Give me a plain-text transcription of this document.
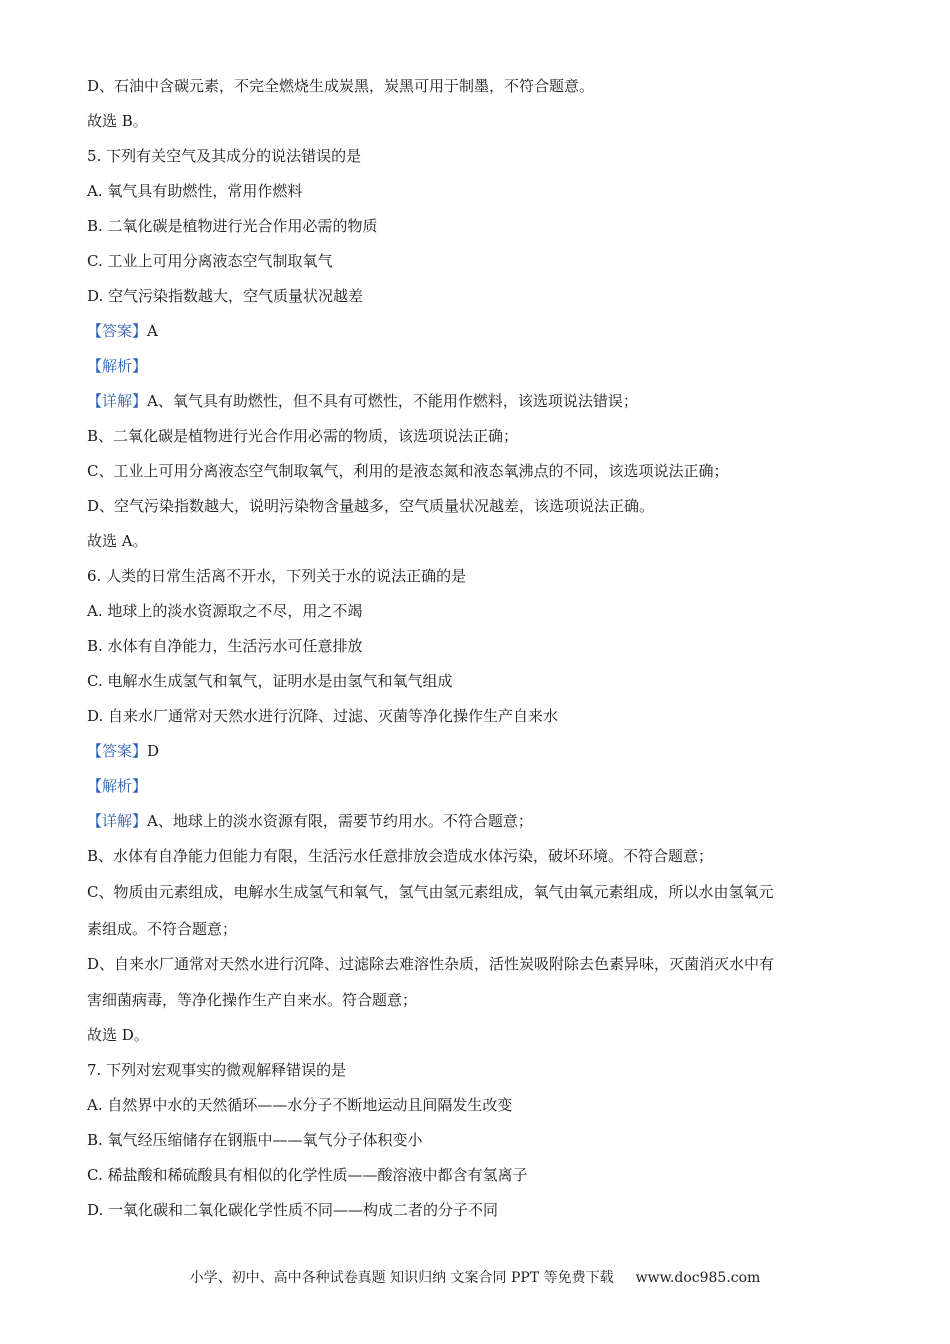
D、石油中含碳元素，不完全燃烧生成炭黑，炭黑可用于制墨，不符合题意。
故选 B。
5. 下列有关空气及其成分的说法错误的是
A. 氧气具有助燃性，常用作燃料
B. 二氧化碳是植物进行光合作用必需的物质
C. 工业上可用分离液态空气制取氧气
D. 空气污染指数越大，空气质量状况越差
【答案】A
【解析】
【详解】A、氧气具有助燃性，但不具有可燃性，不能用作燃料，该选项说法错误；
B、二氧化碳是植物进行光合作用必需的物质，该选项说法正确；
C、工业上可用分离液态空气制取氧气，利用的是液态氮和液态氧沸点的不同，该选项说法正确；
D、空气污染指数越大，说明污染物含量越多，空气质量状况越差，该选项说法正确。
故选 A。
6. 人类的日常生活离不开水，下列关于水的说法正确的是
A. 地球上的淡水资源取之不尽，用之不竭
B. 水体有自净能力，生活污水可任意排放
C. 电解水生成氢气和氧气，证明水是由氢气和氧气组成
D. 自来水厂通常对天然水进行沉降、过滤、灭菌等净化操作生产自来水
【答案】D
【解析】
【详解】A、地球上的淡水资源有限，需要节约用水。不符合题意；
B、水体有自净能力但能力有限，生活污水任意排放会造成水体污染，破坏环境。不符合题意；
C、物质由元素组成，电解水生成氢气和氧气，氢气由氢元素组成，氧气由氧元素组成，所以水由氢氧元
素组成。不符合题意；
D、自来水厂通常对天然水进行沉降、过滤除去难溶性杂质，活性炭吸附除去色素异味，灭菌消灭水中有
害细菌病毒，等净化操作生产自来水。符合题意；
故选 D。
7. 下列对宏观事实的微观解释错误的是
A. 自然界中水的天然循环——水分子不断地运动且间隔发生改变
B. 氧气经压缩储存在钢瓶中——氧气分子体积变小
C. 稀盐酸和稀硫酸具有相似的化学性质——酸溶液中都含有氢离子
D. 一氧化碳和二氧化碳化学性质不同——构成二者的分子不同
小学、初中、高中各种试卷真题 知识归纳 文案合同 PPT 等免费下载 www.doc985.com
